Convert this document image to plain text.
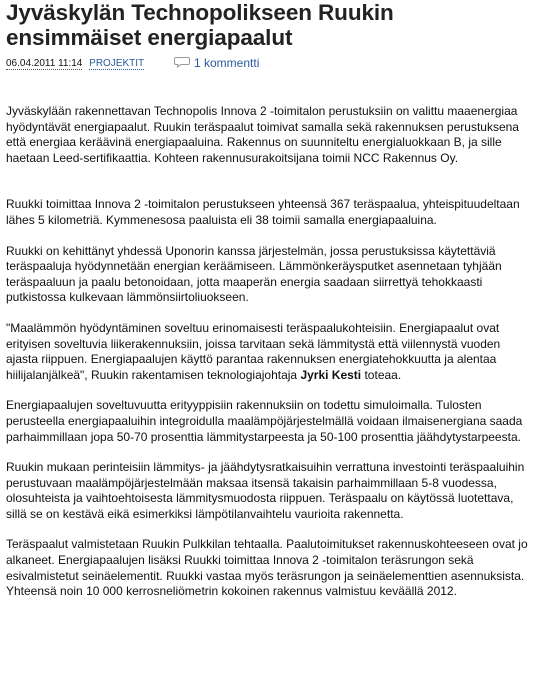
Jyväskylän Technopolikseen Ruukin ensimmäiset energiapaalut
06.04.2011 11:14 PROJEKTIT	1 kommentti

Jyväskylään rakennettavan Technopolis Innova 2 -toimitalon perustuksiin on valittu maaenergiaa hyödyntävät energiapaalut. Ruukin teräspaalut toimivat samalla sekä rakennuksen perustuksena että energiaa keräävinä energiapaaluina. Rakennus on suunniteltu energialuokkaan B, ja sille haetaan Leed-sertifikaattia. Kohteen rakennusurakoitsijana toimii NCC Rakennus Oy.

Ruukki toimittaa Innova 2 -toimitalon perustukseen yhteensä 367 teräspaalua, yhteispituudeltaan lähes 5 kilometriä. Kymmenesosa paaluista eli 38 toimii samalla energiapaaluina.

Ruukki on kehittänyt yhdessä Uponorin kanssa järjestelmän, jossa perustuksissa käytettäviä teräspaaluja hyödynnetään energian keräämiseen. Lämmönkeräysputket asennetaan tyhjään teräspaaluun ja paalu betonoidaan, jotta maaperän energia saadaan siirrettyä tehokkaasti putkistossa kulkevaan lämmönsiirtoliuokseen.

"Maalämmön hyödyntäminen soveltuu erinomaisesti teräspaalukohteisiin. Energiapaalut ovat erityisen soveltuvia liikerakennuksiin, joissa tarvitaan sekä lämmitystä että viilennystä vuoden ajasta riippuen. Energiapaalujen käyttö parantaa rakennuksen energiatehokkuutta ja alentaa hiilijalanjälkeä", Ruukin rakentamisen teknologiajohtaja Jyrki Kesti toteaa.

Energiapaalujen soveltuvuutta erityyppisiin rakennuksiin on todettu simuloimalla. Tulosten perusteella energiapaaluihin integroidulla maalämpöjärjestelmällä voidaan ilmaisenergiana saada parhaimmillaan jopa 50-70 prosenttia lämmitystarpeesta ja 50-100 prosenttia jäähdytystarpeesta.

Ruukin mukaan perinteisiin lämmitys- ja jäähdytysratkaisuihin verrattuna investointi teräspaaluihin perustuvaan maalämpöjärjestelmään maksaa itsensä takaisin parhaimmillaan 5-8 vuodessa, olosuhteista ja vaihtoehtoisesta lämmitysmuodosta riippuen. Teräspaalu on käytössä luotettava, sillä se on kestävä eikä esimerkiksi lämpötilanvaihtelu vaurioita rakennetta.

Teräspaalut valmistetaan Ruukin Pulkkilan tehtaalla. Paalutoimitukset rakennuskohteeseen ovat jo alkaneet. Energiapaalujen lisäksi Ruukki toimittaa Innova 2 -toimitalon teräsrungon sekä esivalmistetut seinäelementit. Ruukki vastaa myös teräsrungon ja seinäelementtien asennuksista. Yhteensä noin 10 000 kerrosneliömetrin kokoinen rakennus valmistuu keväällä 2012.
